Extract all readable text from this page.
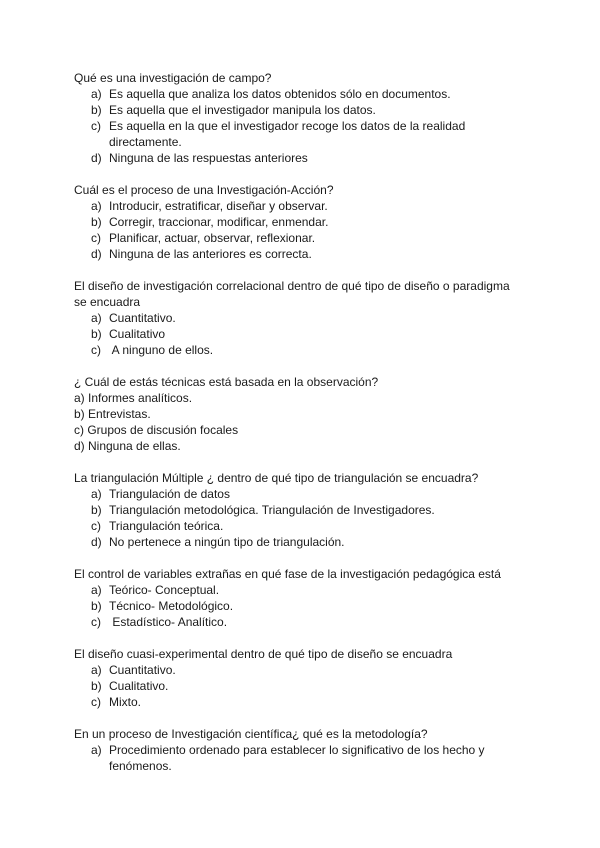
Qué es una investigación de campo?

a) Es aquella que analiza los datos obtenidos sólo en documentos.
b) Es aquella que el investigador manipula los datos.
c) Es aquella en la que el investigador recoge los datos de la realidad directamente.
d) Ninguna de las respuestas anteriores

Cuál es el proceso de una Investigación-Acción?

a) Introducir, estratificar, diseñar y observar.
b) Corregir, traccionar, modificar, enmendar.
c) Planificar, actuar, observar, reflexionar.
d) Ninguna de las anteriores es correcta.

El diseño de investigación correlacional dentro de qué tipo de diseño o paradigma se encuadra

a) Cuantitativo.
b) Cualitativo
c) A ninguno de ellos.

¿ Cuál de estás técnicas está basada en la observación?

a) Informes analíticos.

b) Entrevistas.

c) Grupos de discusión focales

d) Ninguna de ellas.

La triangulación Múltiple ¿ dentro de qué tipo de triangulación se encuadra?

a) Triangulación de datos
b) Triangulación metodológica. Triangulación de Investigadores.
c) Triangulación teórica.
d) No pertenece a ningún tipo de triangulación.

El control de variables extrañas en qué fase de la investigación pedagógica está

a) Teórico- Conceptual.
b) Técnico- Metodológico.
c) Estadístico- Analítico.

El diseño cuasi-experimental dentro de qué tipo de diseño se encuadra

a) Cuantitativo.
b) Cualitativo.
c) Mixto.

En un proceso de Investigación científica¿ qué es la metodología?

a) Procedimiento ordenado para establecer lo significativo de los hecho y fenómenos.
